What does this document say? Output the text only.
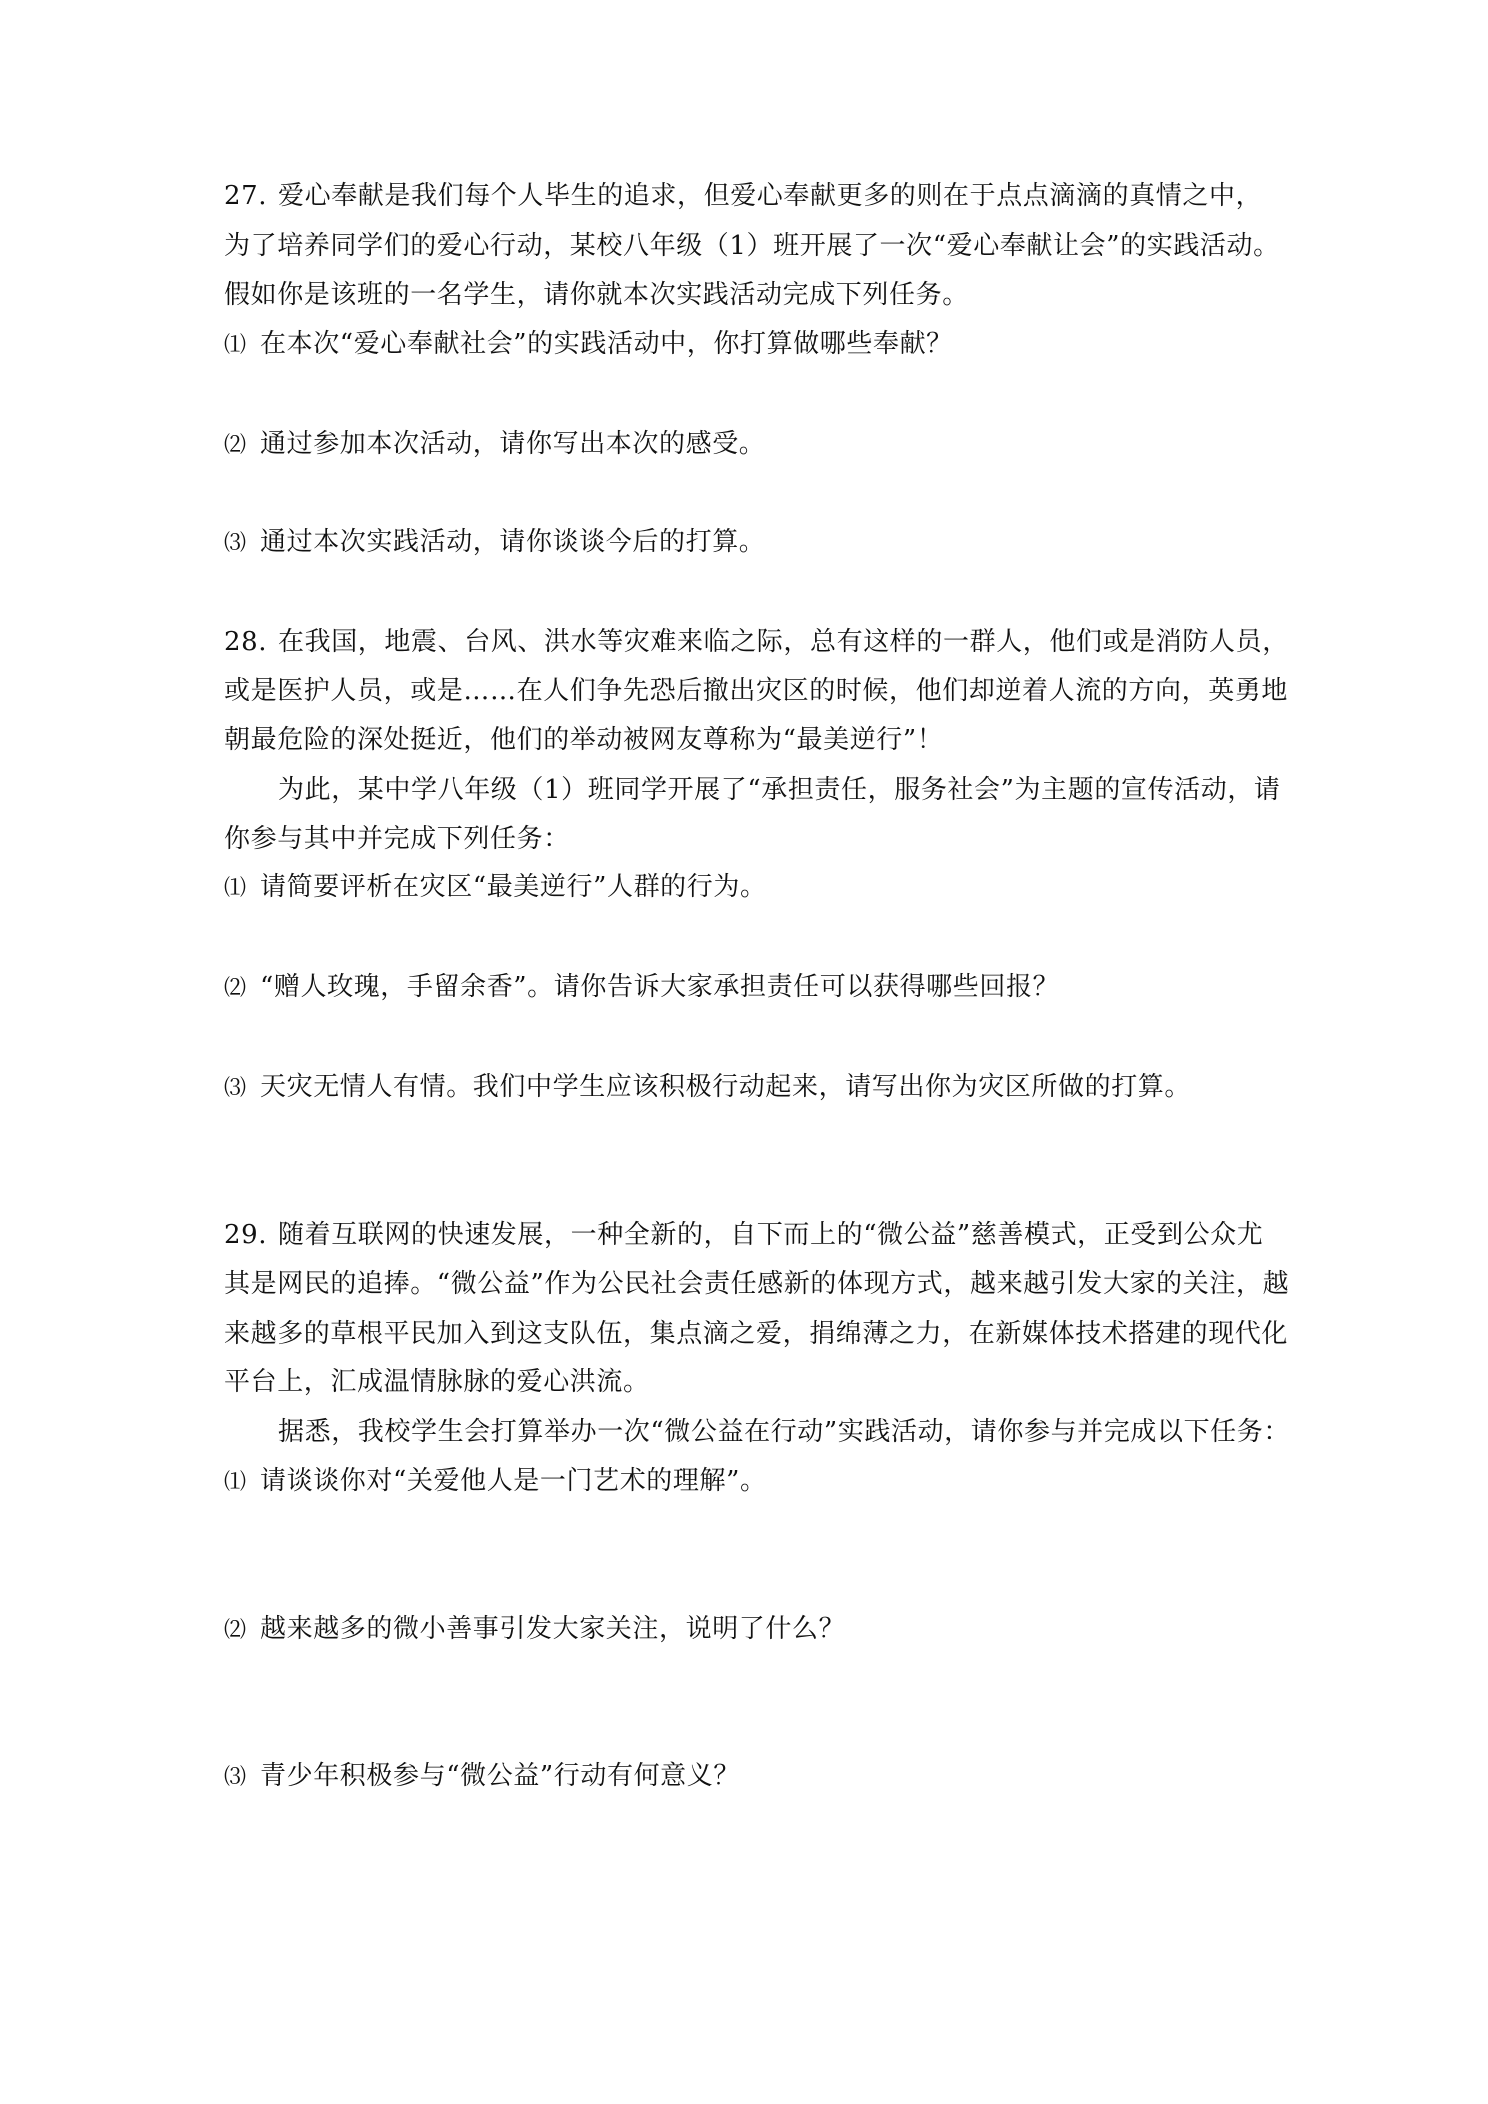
27. 爱心奉献是我们每个人毕生的追求，但爱心奉献更多的则在于点点滴滴的真情之中，
为了培养同学们的爱心行动，某校八年级（1）班开展了一次“爱心奉献让会”的实践活动。
假如你是该班的一名学生，请你就本次实践活动完成下列任务。
⑴ 在本次“爱心奉献社会”的实践活动中，你打算做哪些奉献？
⑵ 通过参加本次活动，请你写出本次的感受。
⑶ 通过本次实践活动，请你谈谈今后的打算。
28. 在我国，地震、台风、洪水等灾难来临之际，总有这样的一群人，他们或是消防人员，
或是医护人员，或是……在人们争先恐后撤出灾区的时候，他们却逆着人流的方向，英勇地
朝最危险的深处挺近，他们的举动被网友尊称为“最美逆行”！
为此，某中学八年级（1）班同学开展了“承担责任，服务社会”为主题的宣传活动，请
你参与其中并完成下列任务：
⑴ 请简要评析在灾区“最美逆行”人群的行为。
⑵ “赠人玫瑰，手留余香”。请你告诉大家承担责任可以获得哪些回报？
⑶ 天灾无情人有情。我们中学生应该积极行动起来，请写出你为灾区所做的打算。
29. 随着互联网的快速发展，一种全新的，自下而上的“微公益”慈善模式，正受到公众尤
其是网民的追捧。“微公益”作为公民社会责任感新的体现方式，越来越引发大家的关注，越
来越多的草根平民加入到这支队伍，集点滴之爱，捐绵薄之力，在新媒体技术搭建的现代化
平台上，汇成温情脉脉的爱心洪流。
据悉，我校学生会打算举办一次“微公益在行动”实践活动，请你参与并完成以下任务：
⑴ 请谈谈你对“关爱他人是一门艺术的理解”。
⑵ 越来越多的微小善事引发大家关注，说明了什么？
⑶ 青少年积极参与“微公益”行动有何意义？
